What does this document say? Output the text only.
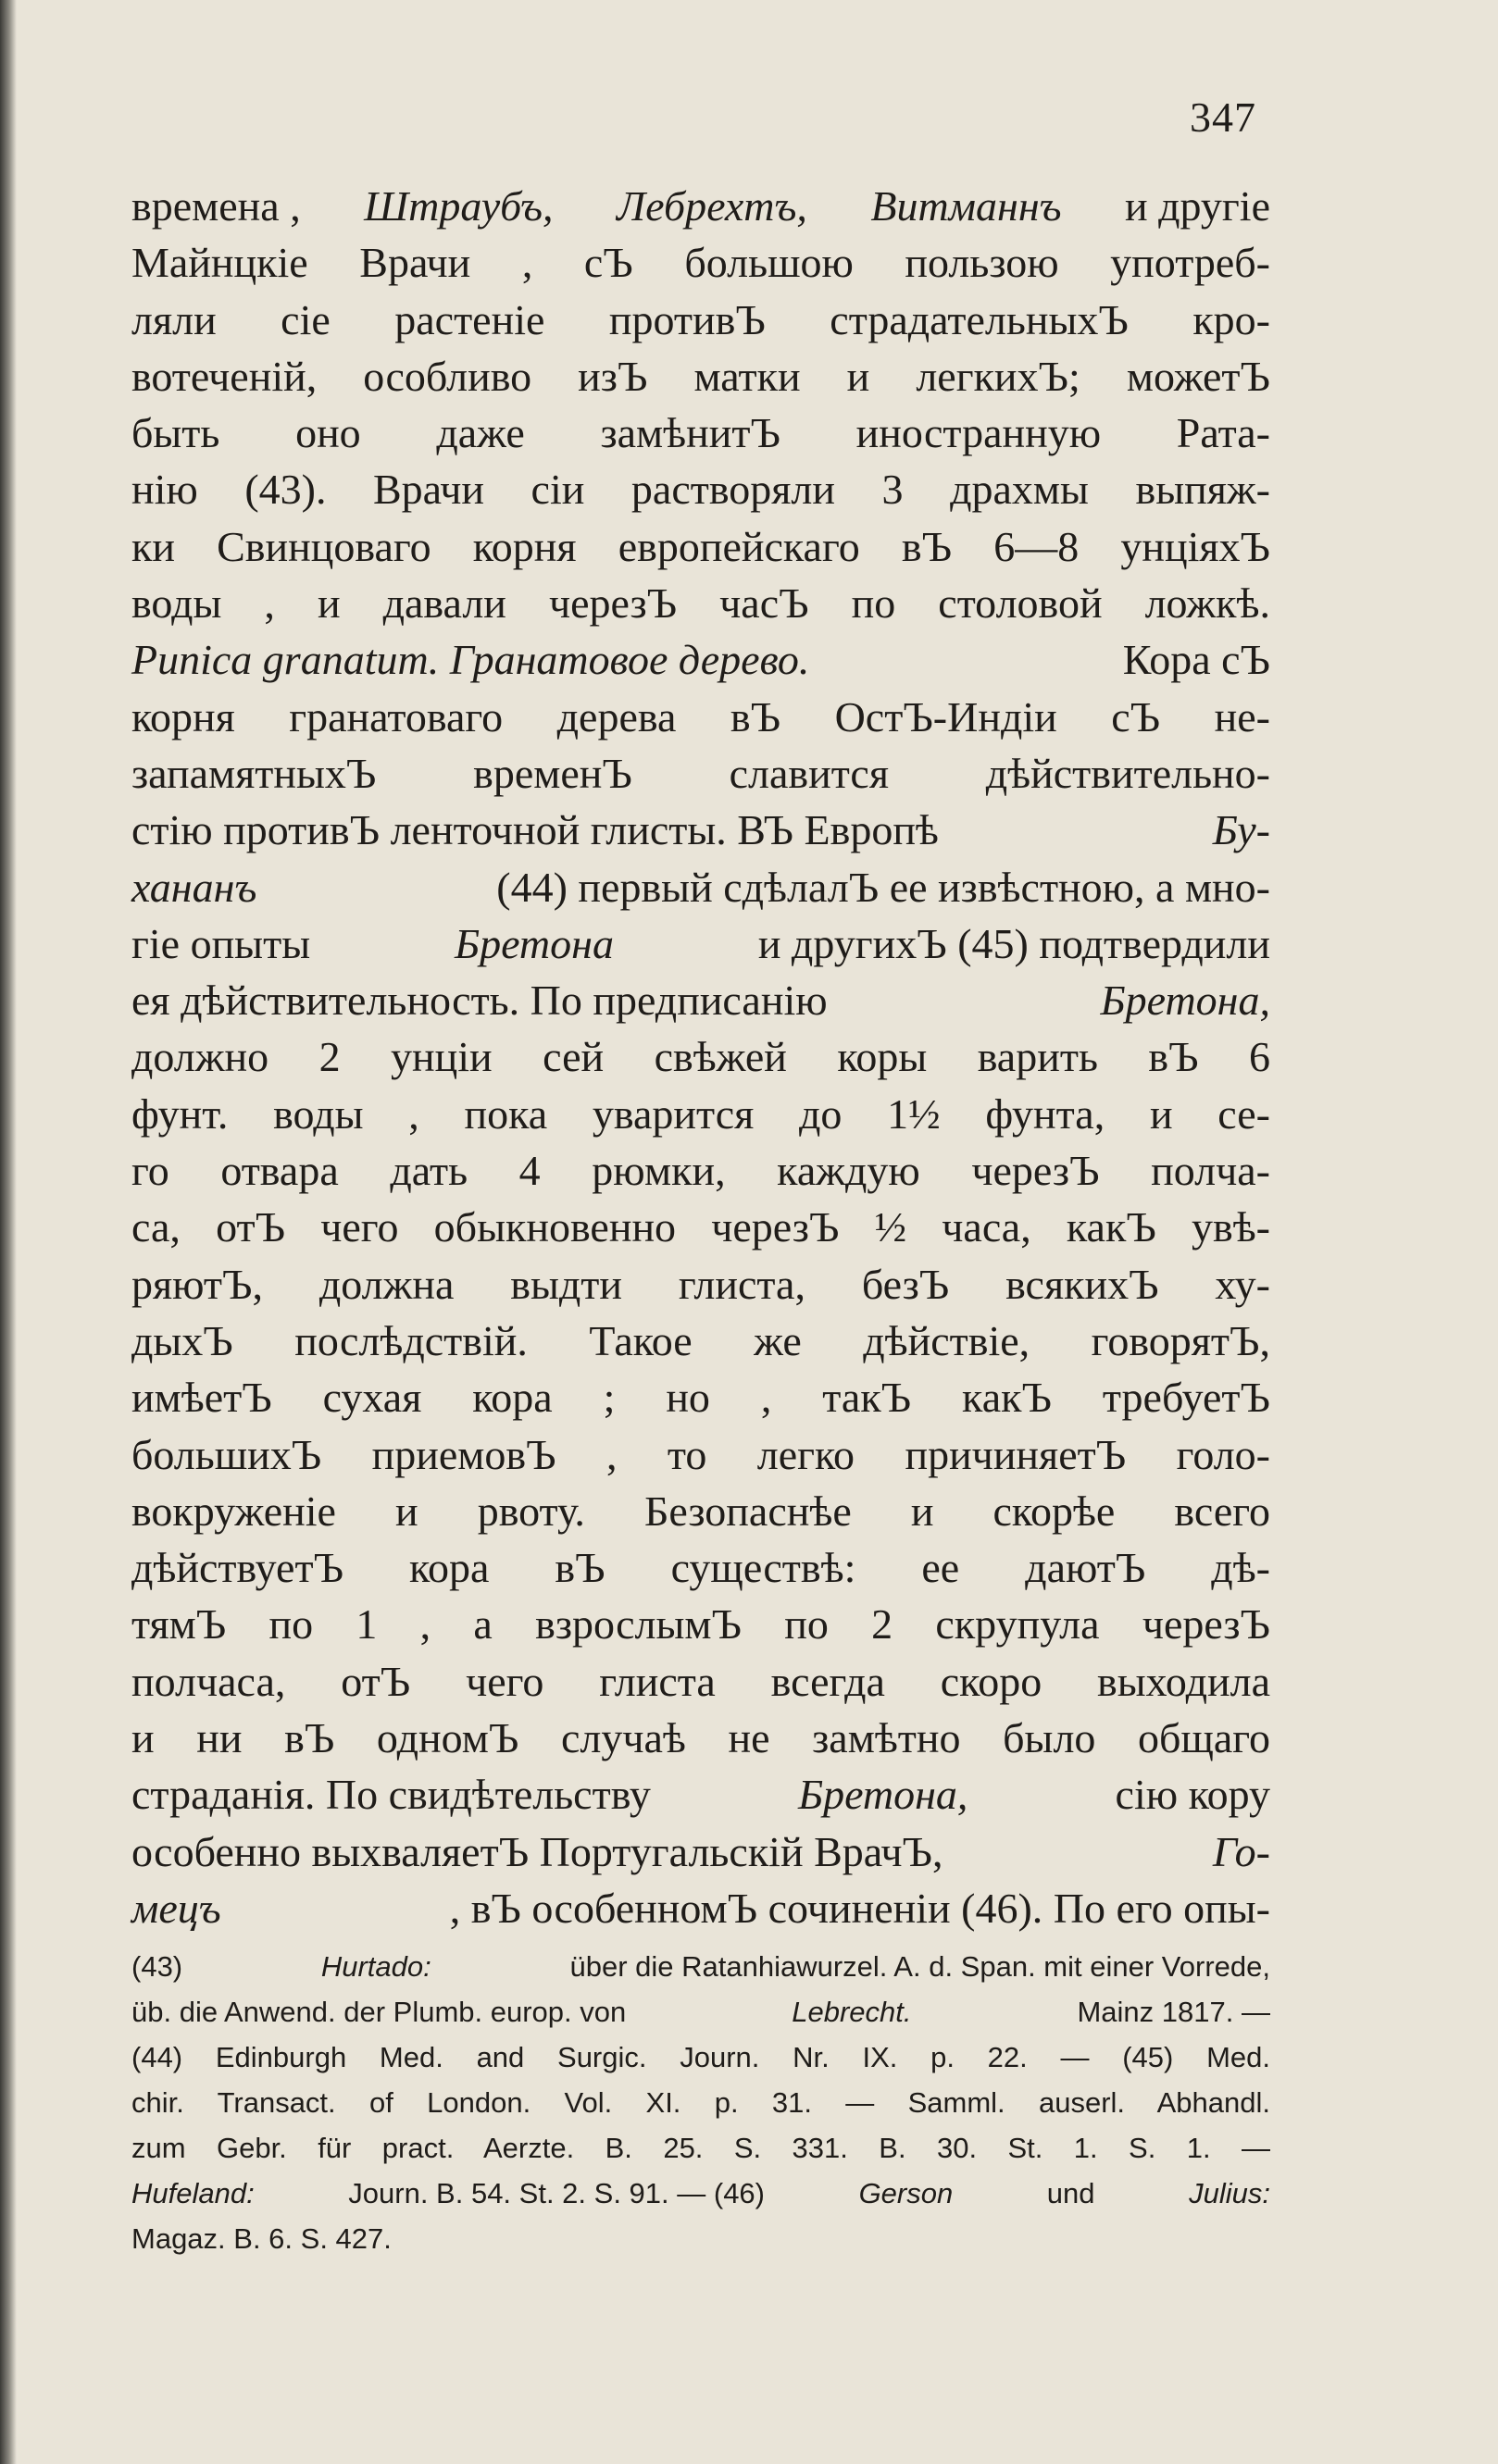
347
времена , Штраубъ, Лебрехтъ, Витманнъ и другіе
Майнцкіе Врачи , сЪ большою пользою употреб-
ляли сіе растеніе противЪ страдательныхЪ кро-
вотеченій, особливо изЪ матки и легкихЪ; можетЪ
быть оно даже замѣнитЪ иностранную Рата-
нію (43). Врачи сіи растворяли 3 драхмы выпяж-
ки Свинцоваго корня европейскаго вЪ 6—8 унціяхЪ
воды , и давали черезЪ часЪ по столовой ложкѣ.
Punica granatum. Гранатовое дерево.	Кора сЪ
корня гранатоваго дерева вЪ ОстЪ-Индіи сЪ не-
запамятныхЪ временЪ славится дѣйствительно-
стію противЪ ленточной глисты. ВЪ Европѣ	Бу-
хананъ	(44) первый сдѣлалЪ ее извѣстною, а мно-
гіе опыты	Бретона	и другихЪ (45) подтвердили
ея дѣйствительность. По предписанію	Бретона,
должно 2 унціи сей свѣжей коры варить вЪ 6
фунт. воды , пока уварится до 1½ фунта, и се-
го отвара дать 4 рюмки, каждую черезЪ полча-
са, отЪ чего обыкновенно черезЪ ½ часа, какЪ увѣ-
ряютЪ, должна выдти глиста, безЪ всякихЪ ху-
дыхЪ послѣдствій. Такое же дѣйствіе, говорятЪ,
имѣетЪ сухая кора ; но , такЪ какЪ требуетЪ
большихЪ приемовЪ , то легко причиняетЪ голо-
вокруженіе и рвоту. Безопаснѣе и скорѣе всего
дѣйствуетЪ кора вЪ существѣ: ее даютЪ дѣ-
тямЪ по 1 , а взрослымЪ по 2 скрупула черезЪ
полчаса, отЪ чего глиста всегда скоро выходила
и ни вЪ одномЪ случаѣ не замѣтно было общаго
страданія. По свидѣтельству	Бретона,	сію кору
особенно выхваляетЪ Португальскій ВрачЪ,	Го-
мецъ	, вЪ особенномЪ сочиненіи (46). По его опы-
(43)	Hurtado:	über die Ratanhiawurzel. A. d. Span. mit einer Vorrede,
üb. die Anwend. der Plumb. europ. von	Lebrecht.	Mainz 1817. —
(44) Edinburgh Med. and Surgic. Journ. Nr. IX. p. 22. — (45) Med.
chir. Transact. of London. Vol. XI. p. 31. — Samml. auserl. Abhandl.
zum Gebr. für pract. Aerzte. B. 25. S. 331. B. 30. St. 1. S. 1. —
Hufeland:	Journ. B. 54. St. 2. S. 91. — (46)	Gerson	und	Julius:
Magaz. B. 6. S. 427.
